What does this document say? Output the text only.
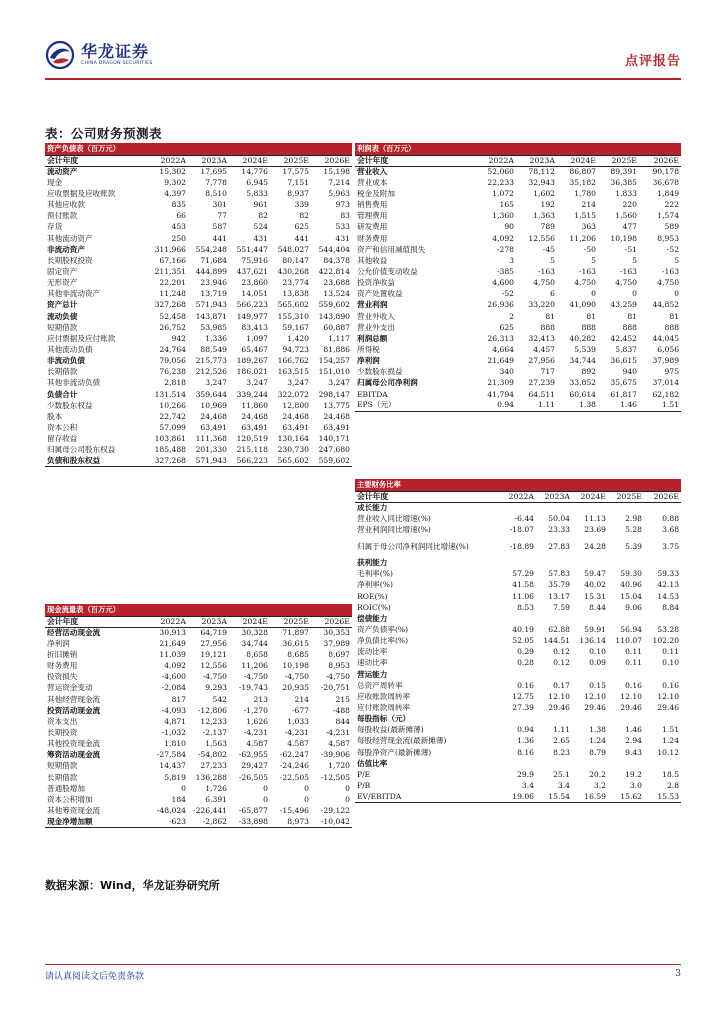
华龙证券
CHINA DRAGON SECURITIES	点评报告
表：公司财务预测表
资产负债表（百万元）					
会计年度	2022A	2023A	2024E	2025E	2026E
流动资产	15,302	17,695	14,776	17,575	15,198
现金	9,302	7,778	6,945	7,151	7,214
应收票据及应收账款	4,397	8,510	5,833	8,937	5,963
其他应收款	835	301	961	339	973
预付账款	66	77	82	82	83
存货	453	587	524	625	533
其他流动资产	250	441	431	441	431
非流动资产	311,966	554,248	551,447	548,027	544,404
长期股权投资	67,166	71,684	75,916	80,147	84,378
固定资产	211,351	444,899	437,621	430,268	422,814
无形资产	22,201	23,946	23,860	23,774	23,688
其他非流动资产	11,248	13,719	14,051	13,838	13,524
资产总计	327,268	571,943	566,223	565,602	559,602
流动负债	52,458	143,871	149,977	155,310	143,890
短期借款	26,752	53,985	83,413	59,167	60,887
应付票据及应付账款	942	1,336	1,097	1,420	1,117
其他流动负债	24,764	88,549	65,467	94,723	81,886
非流动负债	79,056	215,773	189,267	166,762	154,257
长期借款	76,238	212,526	186,021	163,515	151,010
其他非流动负债	2,818	3,247	3,247	3,247	3,247
负债合计	131,514	359,644	339,244	322,072	298,147
少数股东权益	10,266	10,969	11,860	12,800	13,775
股本	22,742	24,468	24,468	24,468	24,468
资本公积	57,099	63,491	63,491	63,491	63,491
留存收益	103,861	111,368	120,519	130,164	140,171
归属母公司股东权益	185,488	201,330	215,118	230,730	247,680
负债和股东权益	327,268	571,943	566,223	565,602	559,602
利润表（百万元）					
会计年度	2022A	2023A	2024E	2025E	2026E
营业收入	52,060	78,112	86,807	89,391	90,178
营业成本	22,233	32,943	35,182	36,385	36,678
税金及附加	1,072	1,602	1,780	1,833	1,849
销售费用	165	192	214	220	222
管理费用	1,360	1,363	1,515	1,560	1,574
研发费用	90	789	363	477	589
财务费用	4,092	12,556	11,206	10,198	8,953
资产和信用减值损失	-278	-45	-50	-51	-52
其他收益	3	5	5	5	5
公允价值变动收益	-385	-163	-163	-163	-163
投资净收益	4,600	4,750	4,750	4,750	4,750
资产处置收益	-52	6	0	0	0
营业利润	26,936	33,220	41,090	43,259	44,852
营业外收入	2	81	81	81	81
营业外支出	625	888	888	888	888
利润总额	26,313	32,413	40,282	42,452	44,045
所得税	4,664	4,457	5,539	5,837	6,056
净利润	21,649	27,956	34,744	36,615	37,989
少数股东损益	340	717	892	940	975
归属母公司净利润	21,309	27,239	33,852	35,675	37,014
EBITDA	41,794	64,511	60,614	61,817	62,182
EPS（元）	0.94	1.11	1.38	1.46	1.51
主要财务比率					
会计年度	2022A	2023A	2024E	2025E	2026E
成长能力					
营业收入同比增速(%)	-6.44	50.04	11.13	2.98	0.88
营业利润同比增速(%)	-18.07	23.33	23.69	5.28	3.68
归属于母公司净利润同比增速(%)	-18.89	27.83	24.28	5.39	3.75
获利能力					
毛利率(%)	57.29	57.83	59.47	59.30	59.33
净利率(%)	41.58	35.79	40.02	40.96	42.13
ROE(%)	11.06	13.17	15.31	15.04	14.53
ROIC(%)	8.53	7.59	8.44	9.06	8.84
偿债能力					
资产负债率(%)	40.19	62.88	59.91	56.94	53.28
净负债比率(%)	52.05	144.51	136.14	110.07	102.20
流动比率	0.29	0.12	0.10	0.11	0.11
速动比率	0.28	0.12	0.09	0.11	0.10
营运能力					
总资产周转率	0.16	0.17	0.15	0.16	0.16
应收账款周转率	12.75	12.10	12.10	12.10	12.10
应付账款周转率	27.39	29.46	29.46	29.46	29.46
每股指标（元）					
每股收益(最新摊薄)	0.94	1.11	1.38	1.46	1.51
每股经营现金流(最新摊薄)	1.36	2.65	1.24	2.94	1.24
每股净资产(最新摊薄)	8.16	8.23	8.79	9.43	10.12
估值比率					
P/E	29.9	25.1	20.2	19.2	18.5
P/B	3.4	3.4	3.2	3.0	2.8
EV/EBITDA	19.06	15.54	16.59	15.62	15.53
现金流量表（百万元）					
会计年度	2022A	2023A	2024E	2025E	2026E
经营活动现金流	30,913	64,719	30,328	71,897	30,353
净利润	21,649	27,956	34,744	36,615	37,989
折旧摊销	11,039	19,121	8,658	8,685	8,697
财务费用	4,092	12,556	11,206	10,198	8,953
投资损失	-4,600	-4,750	-4,750	-4,750	-4,750
营运资金变动	-2,084	9,293	-19,743	20,935	-20,751
其他经营现金流	817	542	213	214	215
投资活动现金流	-4,093	-12,806	-1,270	-677	-488
资本支出	4,871	12,233	1,626	1,033	844
长期投资	-1,032	-2,137	-4,231	-4,231	-4,231
其他投资现金流	1,810	1,563	4,587	4,587	4,587
筹资活动现金流	-27,584	-54,802	-62,955	-62,247	-39,906
短期借款	14,437	27,233	29,427	-24,246	1,720
长期借款	5,819	136,288	-26,505	-22,505	-12,505
普通股增加	0	1,726	0	0	0
资本公积增加	184	6,391	0	0	0
其他筹资现金流	-48,024	-226,441	-65,877	-15,496	-29,122
现金净增加额	-623	-2,862	-33,898	8,973	-10,042
数据来源：Wind，华龙证券研究所
请认真阅读文后免责条款	3
